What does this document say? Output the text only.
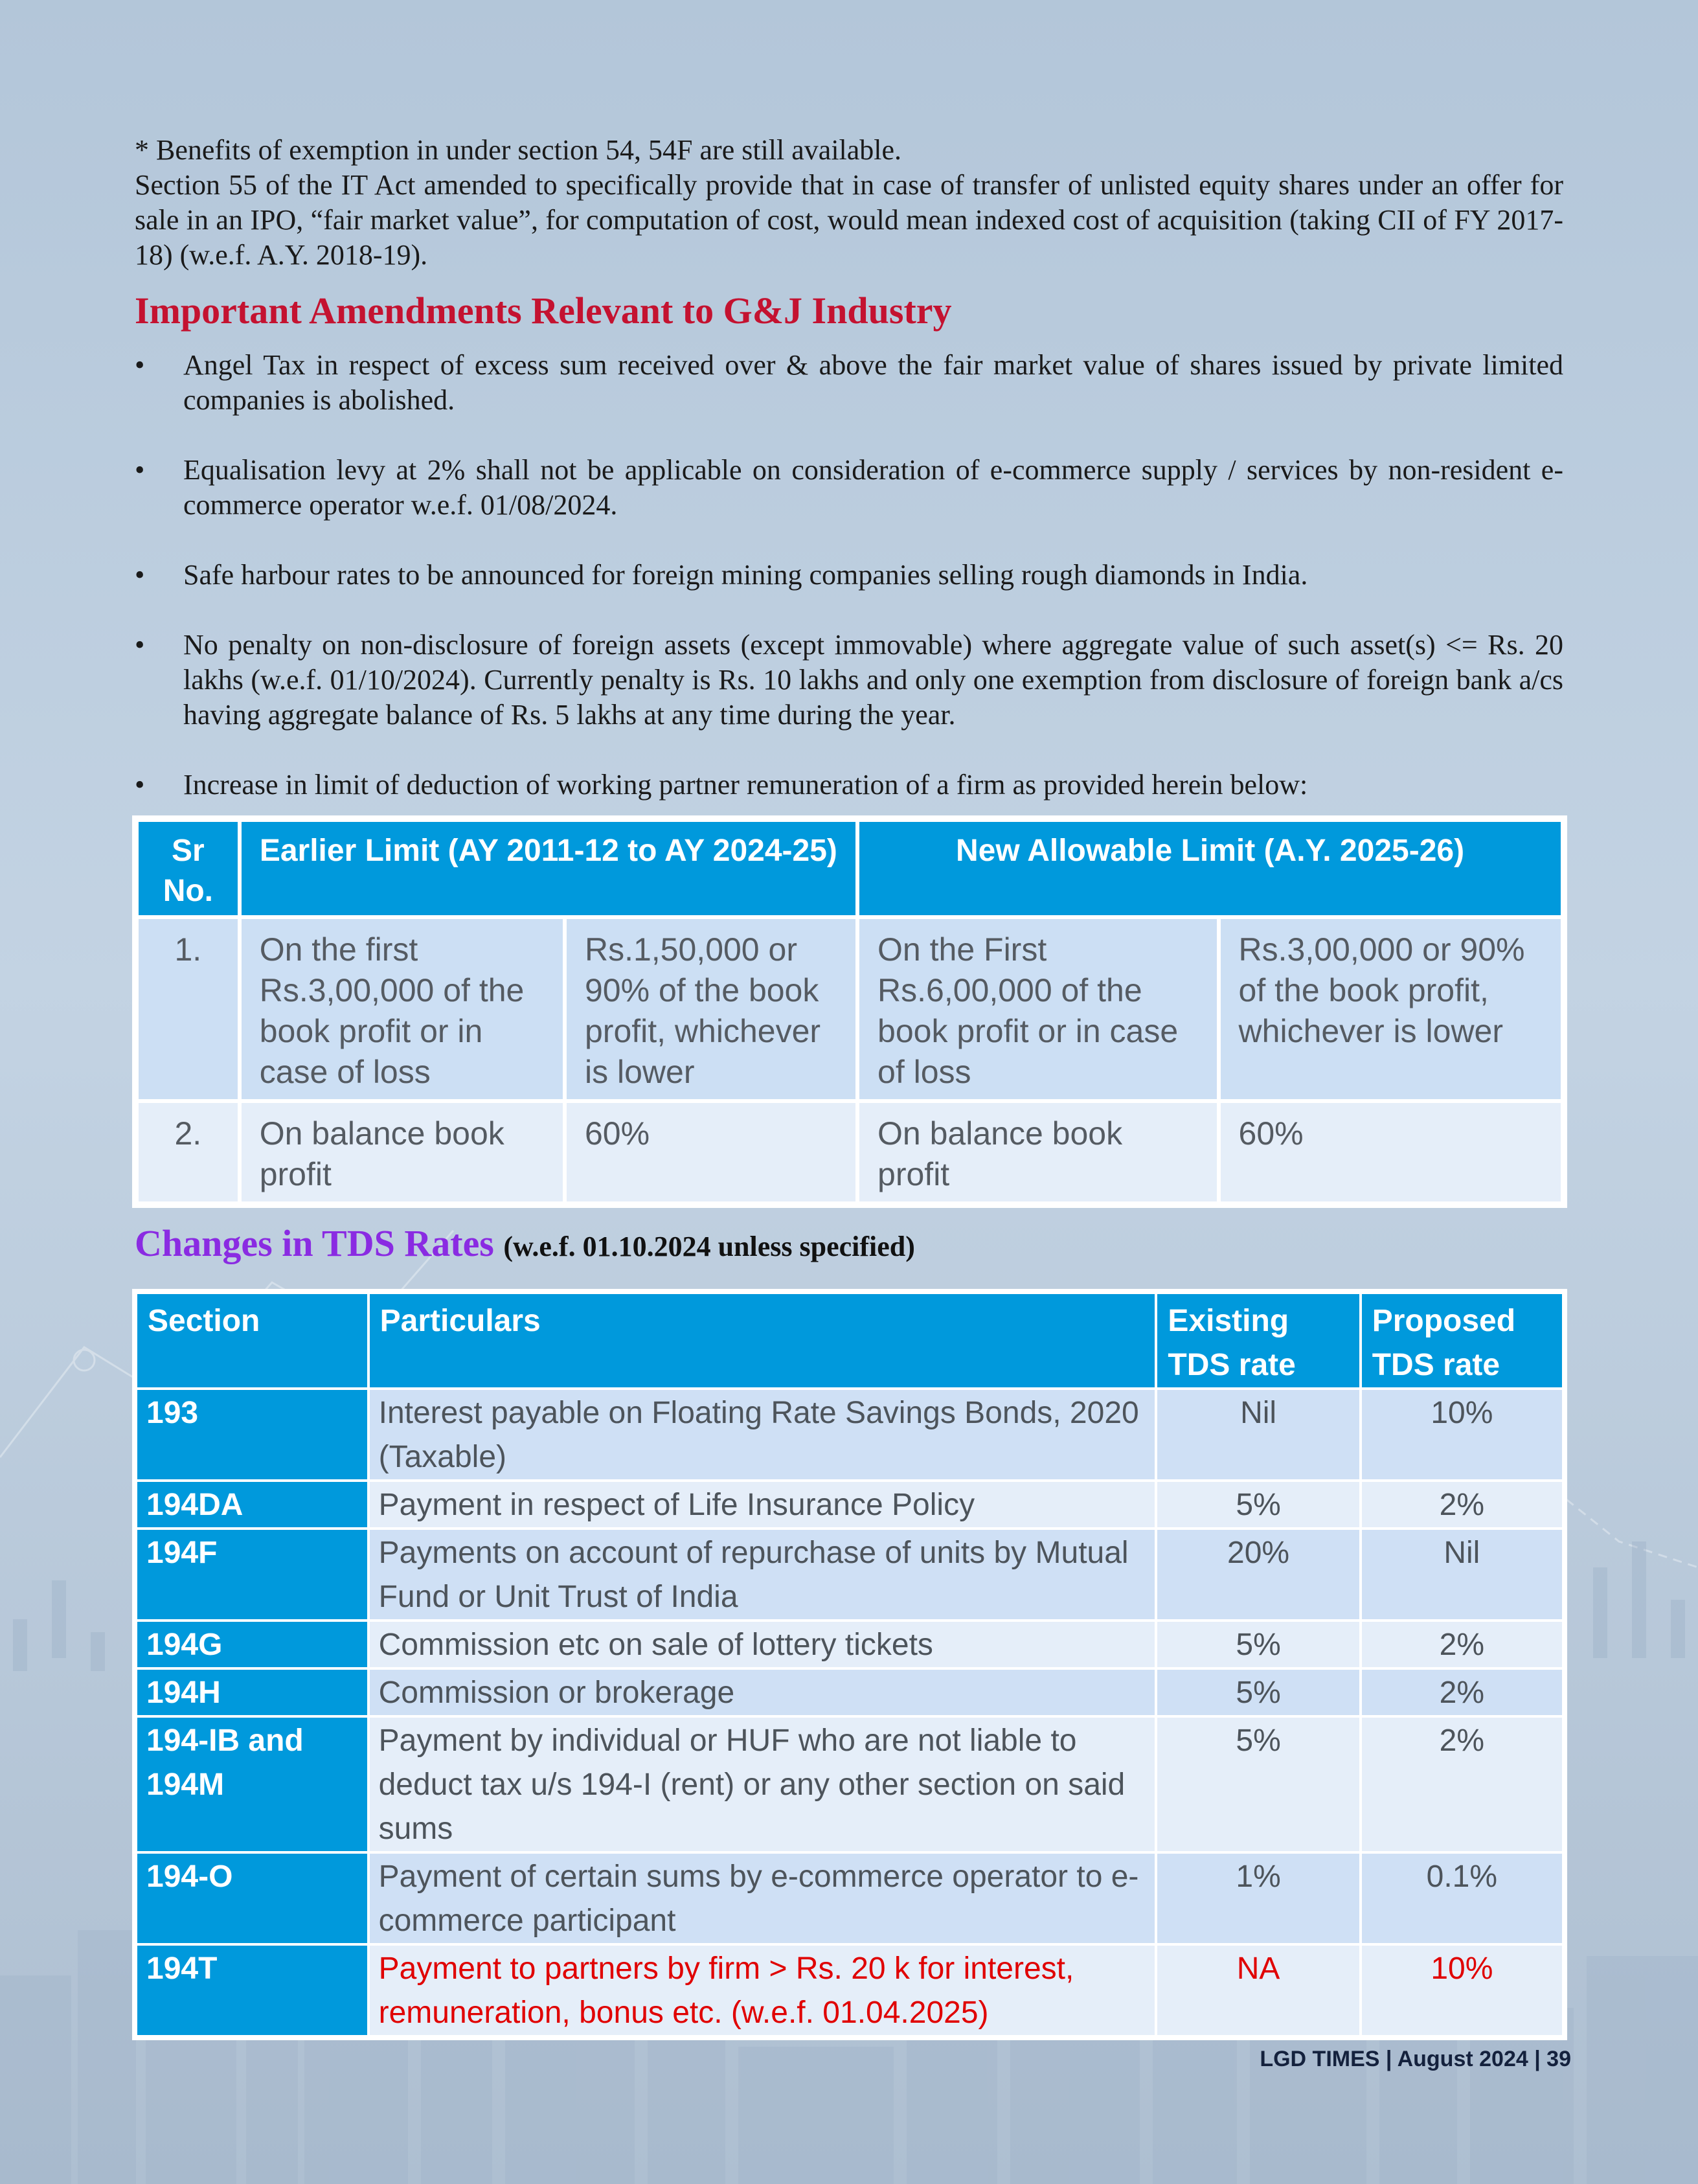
* Benefits of exemption in under section 54, 54F are still available.

Section 55 of the IT Act amended to specifically provide that in case of transfer of unlisted equity shares under an offer for sale in an IPO, “fair market value”, for computation of cost, would mean indexed cost of acquisition (taking CII of FY 2017-18) (w.e.f. A.Y. 2018-19).

Important Amendments Relevant to G&J Industry
•	Angel Tax in respect of excess sum received over & above the fair market value of shares issued by private limited companies is abolished.
•	Equalisation levy at 2% shall not be applicable on consideration of e-commerce supply / services by non-resident e-commerce operator w.e.f. 01/08/2024.
•	Safe harbour rates to be announced for foreign mining companies selling rough diamonds in India.
•	No penalty on non-disclosure of foreign assets (except immovable) where aggregate value of such asset(s) <= Rs. 20 lakhs (w.e.f. 01/10/2024). Currently penalty is Rs. 10 lakhs and only one exemption from disclosure of foreign bank a/cs having aggregate balance of Rs. 5 lakhs at any time during the year.
•	Increase in limit of deduction of working partner remuneration of a firm as provided herein below:
Sr No.	Earlier Limit (AY 2011-12 to AY 2024-25)		New Allowable Limit (A.Y. 2025-26)	
1.	On the first Rs.3,00,000 of the book profit or in case of loss	Rs.1,50,000 or 90% of the book profit, whichever is lower	On the First Rs.6,00,000 of the book profit or in case of loss	Rs.3,00,000 or 90% of the book profit, whichever is lower
2.	On balance book profit	60%	On balance book profit	60%
Changes in TDS Rates (w.e.f. 01.10.2024 unless specified)
Section	Particulars	Existing TDS rate	Proposed TDS rate
193	Interest payable on Floating Rate Savings Bonds, 2020 (Taxable)	Nil	10%
194DA	Payment in respect of Life Insurance Policy	5%	2%
194F	Payments on account of repurchase of units by Mutual Fund or Unit Trust of India	20%	Nil
194G	Commission etc on sale of lottery tickets	5%	2%
194H	Commission or brokerage	5%	2%
194-IB and 194M	Payment by individual or HUF who are not liable to deduct tax u/s 194-I (rent) or any other section on said sums	5%	2%
194-O	Payment of certain sums by e-commerce operator to e-commerce participant	1%	0.1%
194T	Payment to partners by firm > Rs. 20 k for interest, remuneration, bonus etc. (w.e.f. 01.04.2025)	NA	10%
LGD TIMES | August 2024 | 39
